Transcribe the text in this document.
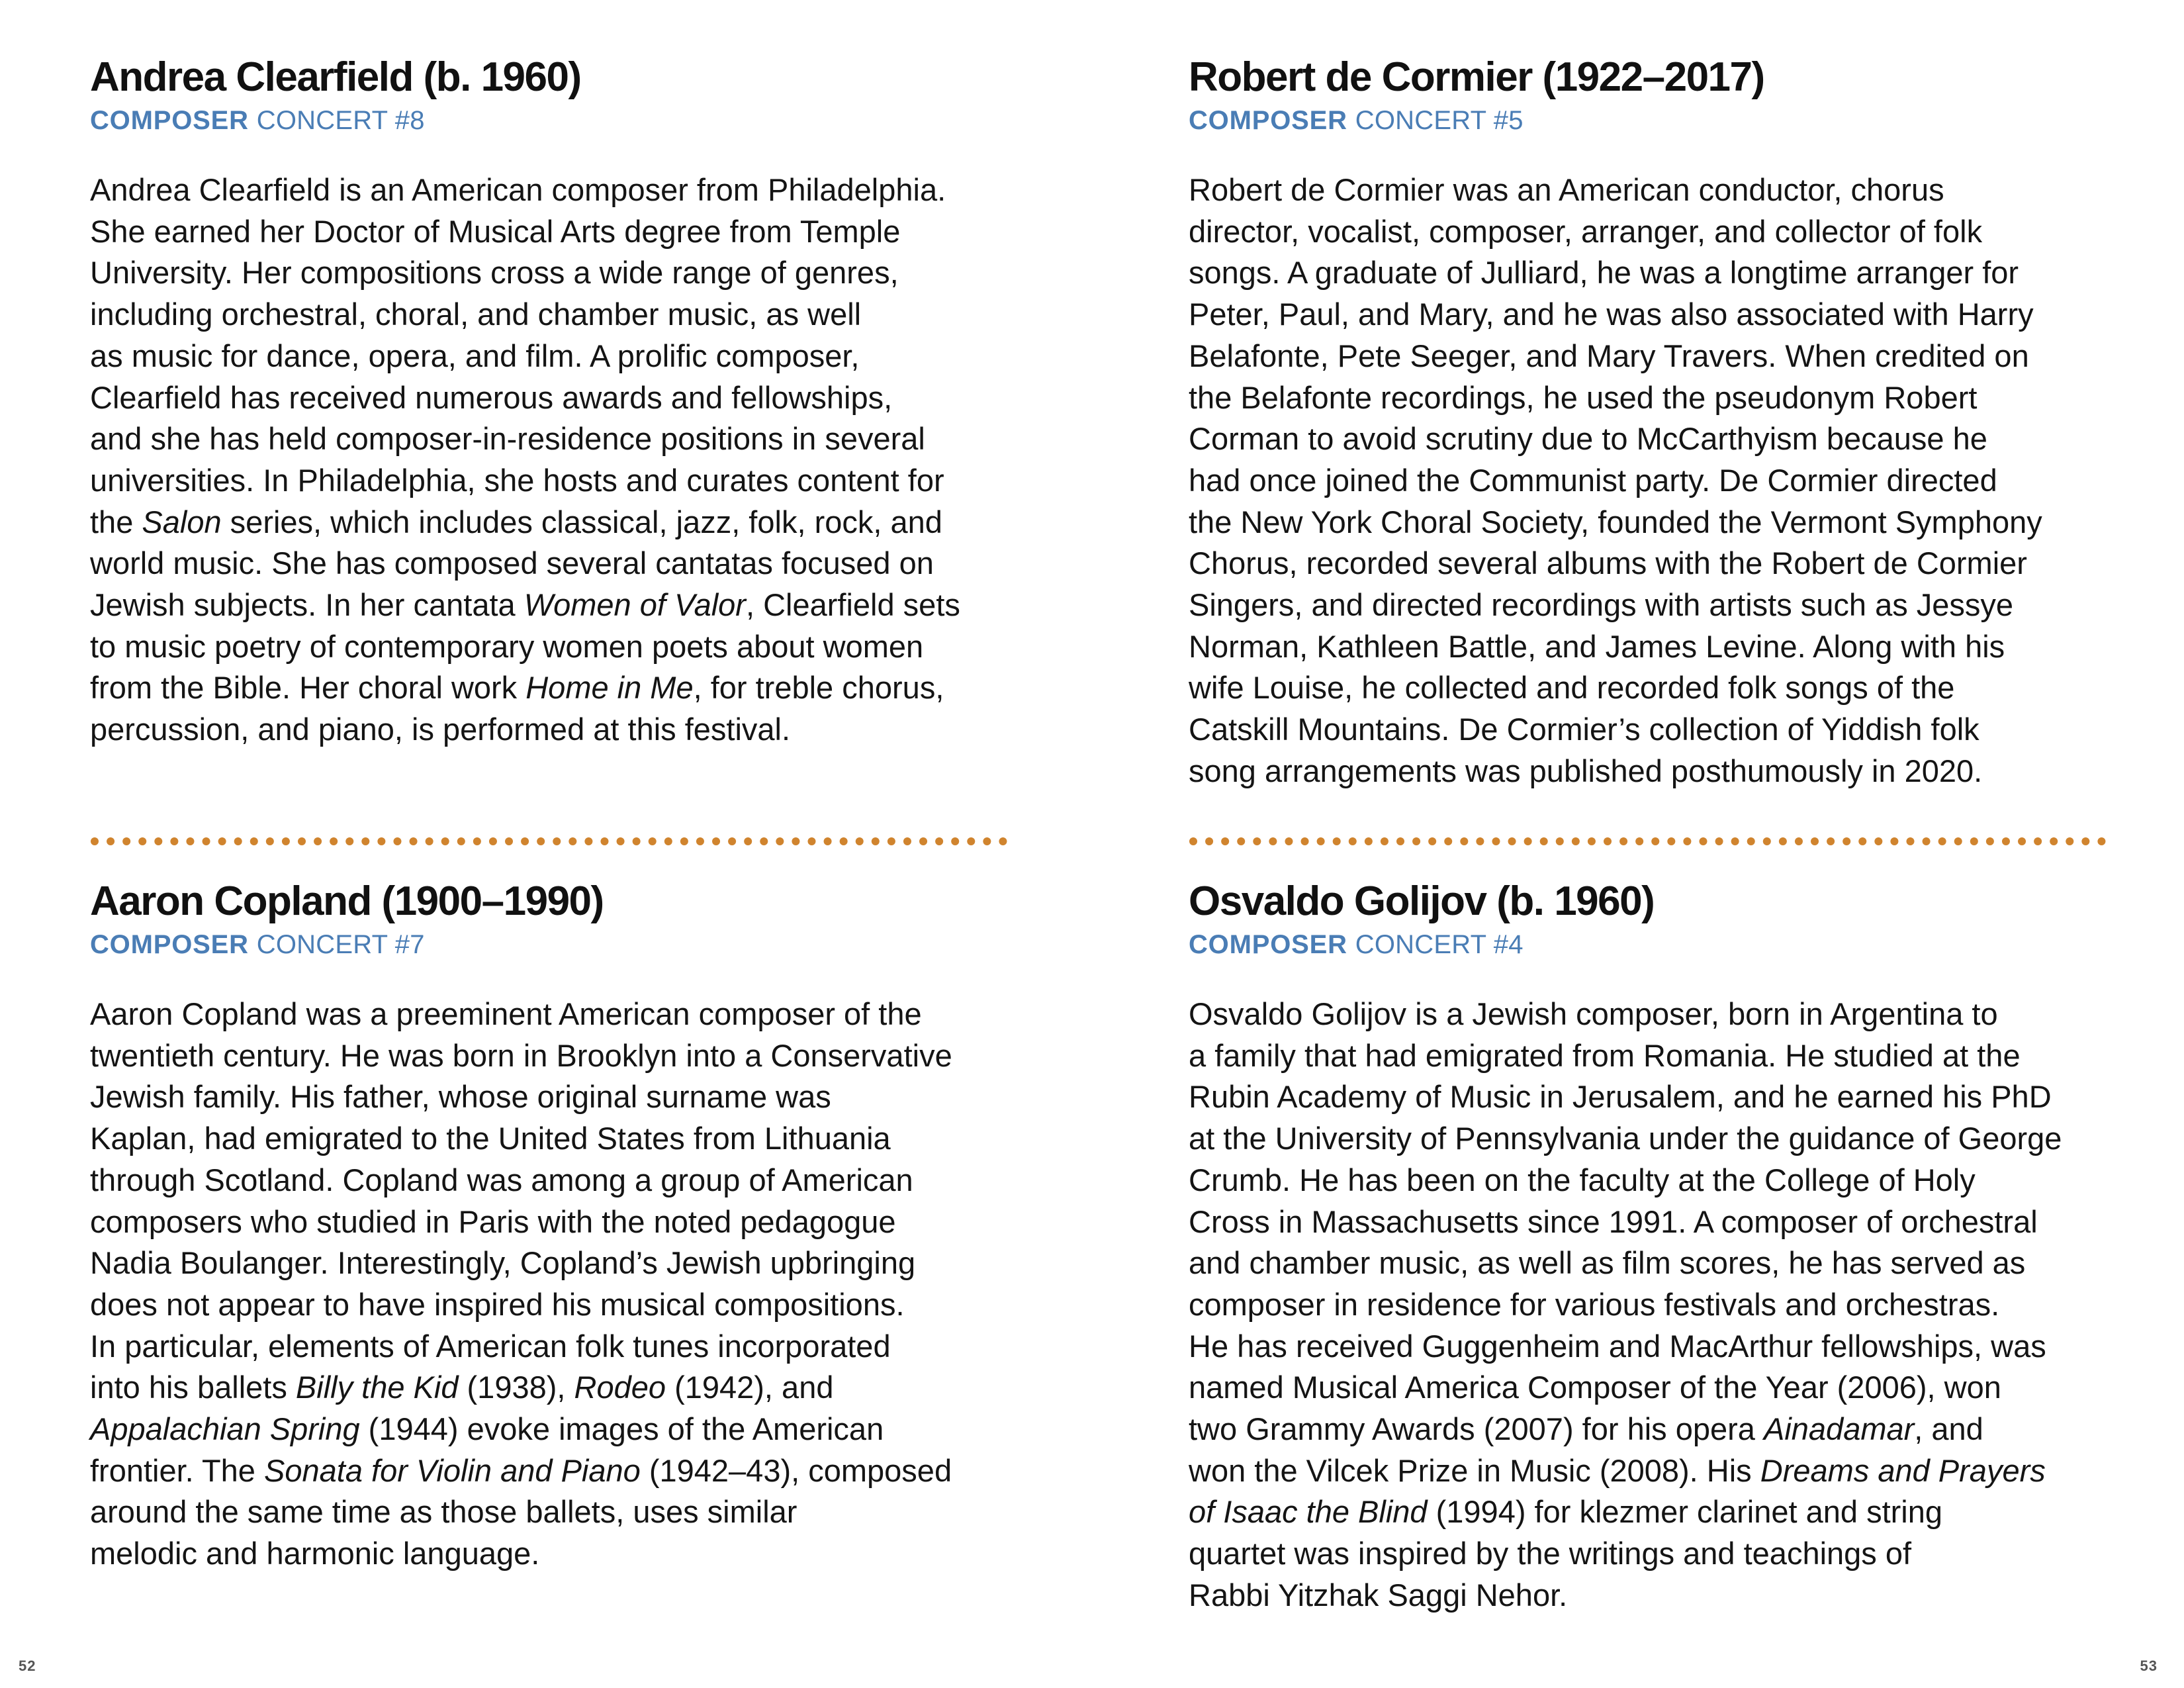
Andrea Clearfield (b. 1960)
COMPOSER CONCERT #8
Andrea Clearfield is an American composer from Philadelphia.
She earned her Doctor of Musical Arts degree from Temple
University. Her compositions cross a wide range of genres,
including orchestral, choral, and chamber music, as well
as music for dance, opera, and film. A prolific composer,
Clearfield has received numerous awards and fellowships,
and she has held composer-in-residence positions in several
universities. In Philadelphia, she hosts and curates content for
the Salon series, which includes classical, jazz, folk, rock, and
world music. She has composed several cantatas focused on
Jewish subjects. In her cantata Women of Valor, Clearfield sets
to music poetry of contemporary women poets about women
from the Bible. Her choral work Home in Me, for treble chorus,
percussion, and piano, is performed at this festival.
Robert de Cormier (1922–2017)
COMPOSER CONCERT #5
Robert de Cormier was an American conductor, chorus
director, vocalist, composer, arranger, and collector of folk
songs. A graduate of Julliard, he was a longtime arranger for
Peter, Paul, and Mary, and he was also associated with Harry
Belafonte, Pete Seeger, and Mary Travers. When credited on
the Belafonte recordings, he used the pseudonym Robert
Corman to avoid scrutiny due to McCarthyism because he
had once joined the Communist party. De Cormier directed
the New York Choral Society, founded the Vermont Symphony
Chorus, recorded several albums with the Robert de Cormier
Singers, and directed recordings with artists such as Jessye
Norman, Kathleen Battle, and James Levine. Along with his
wife Louise, he collected and recorded folk songs of the
Catskill Mountains. De Cormier’s collection of Yiddish folk
song arrangements was published posthumously in 2020.
Aaron Copland (1900–1990)
COMPOSER CONCERT #7
Aaron Copland was a preeminent American composer of the
twentieth century. He was born in Brooklyn into a Conservative
Jewish family. His father, whose original surname was
Kaplan, had emigrated to the United States from Lithuania
through Scotland. Copland was among a group of American
composers who studied in Paris with the noted pedagogue
Nadia Boulanger. Interestingly, Copland’s Jewish upbringing
does not appear to have inspired his musical compositions.
In particular, elements of American folk tunes incorporated
into his ballets Billy the Kid (1938), Rodeo (1942), and
Appalachian Spring (1944) evoke images of the American
frontier. The Sonata for Violin and Piano (1942–43), composed
around the same time as those ballets, uses similar
melodic and harmonic language.
Osvaldo Golijov (b. 1960)
COMPOSER CONCERT #4
Osvaldo Golijov is a Jewish composer, born in Argentina to
a family that had emigrated from Romania. He studied at the
Rubin Academy of Music in Jerusalem, and he earned his PhD
at the University of Pennsylvania under the guidance of George
Crumb. He has been on the faculty at the College of Holy
Cross in Massachusetts since 1991. A composer of orchestral
and chamber music, as well as film scores, he has served as
composer in residence for various festivals and orchestras.
He has received Guggenheim and MacArthur fellowships, was
named Musical America Composer of the Year (2006), won
two Grammy Awards (2007) for his opera Ainadamar, and
won the Vilcek Prize in Music (2008). His Dreams and Prayers
of Isaac the Blind (1994) for klezmer clarinet and string
quartet was inspired by the writings and teachings of
Rabbi Yitzhak Saggi Nehor.
52	53
